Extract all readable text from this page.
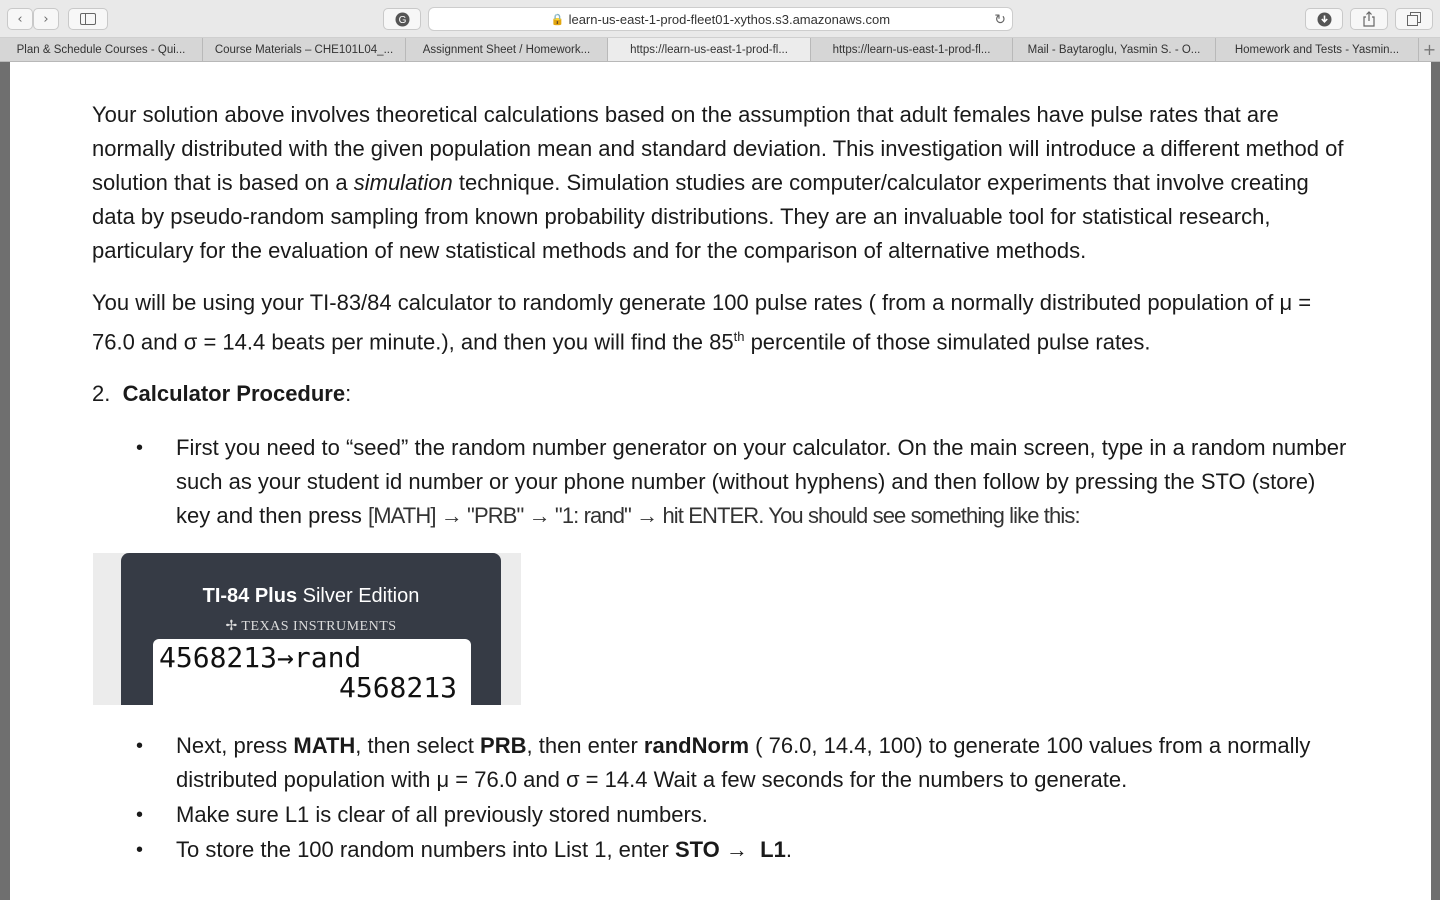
‹ ›	G	🔒 learn-us-east-1-prod-fleet01-xythos.s3.amazonaws.com	↻
Plan & Schedule Courses - Qui...	Course Materials – CHE101L04_...	Assignment Sheet / Homework...	https://learn-us-east-1-prod-fl...	https://learn-us-east-1-prod-fl...	Mail - Baytaroglu, Yasmin S. - O...	Homework and Tests - Yasmin... +

Your solution above involves theoretical calculations based on the assumption that adult females have pulse rates that are normally distributed with the given population mean and standard deviation. This investigation will introduce a different method of solution that is based on a simulation technique. Simulation studies are computer/calculator experiments that involve creating data by pseudo-random sampling from known probability distributions. They are an invaluable tool for statistical research, particulary for the evaluation of new statistical methods and for the comparison of alternative methods.

You will be using your TI-83/84 calculator to randomly generate 100 pulse rates ( from a normally distributed population of μ = 76.0 and σ = 14.4 beats per minute.), and then you will find the 85th percentile of those simulated pulse rates.

2. Calculator Procedure:

• First you need to “seed” the random number generator on your calculator. On the main screen, type in a random number such as your student id number or your phone number (without hyphens) and then follow by pressing the STO (store) key and then press [MATH] → "PRB" → "1: rand" → hit ENTER. You should see something like this:
TI-84 Plus Silver Edition
✢ TEXAS INSTRUMENTS
4568213→rand
4568213
• Next, press MATH, then select PRB, then enter randNorm ( 76.0, 14.4, 100) to generate 100 values from a normally distributed population with μ = 76.0 and σ = 14.4 Wait a few seconds for the numbers to generate.
• Make sure L1 is clear of all previously stored numbers.
• To store the 100 random numbers into List 1, enter STO → L1.
